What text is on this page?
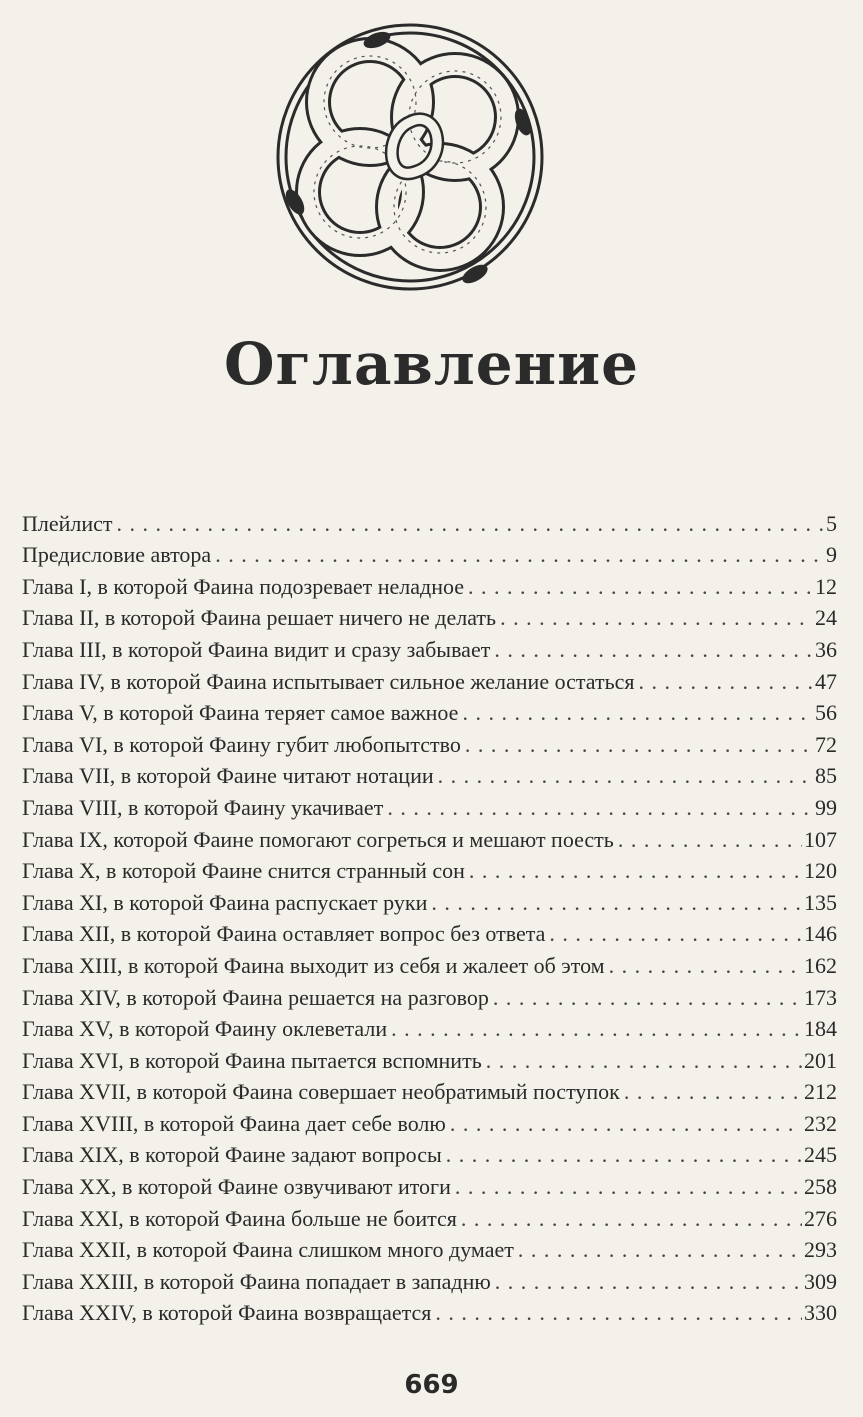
Оглавление
Плейлист . . .	5
Предисловие автора . . .	9
Глава I, в которой Фаина подозревает неладное . . .	12
Глава II, в которой Фаина решает ничего не делать . . .	24
Глава III, в которой Фаина видит и сразу забывает . . .	36
Глава IV, в которой Фаина испытывает сильное желание остаться . . .	47
Глава V, в которой Фаина теряет самое важное . . .	56
Глава VI, в которой Фаину губит любопытство . . .	72
Глава VII, в которой Фаине читают нотации . . .	85
Глава VIII, в которой Фаину укачивает . . .	99
Глава IX, которой Фаине помогают согреться и мешают поесть . . .	107
Глава X, в которой Фаине снится странный сон . . .	120
Глава XI, в которой Фаина распускает руки . . .	135
Глава XII, в которой Фаина оставляет вопрос без ответа . . .	146
Глава XIII, в которой Фаина выходит из себя и жалеет об этом . . .	162
Глава XIV, в которой Фаина решается на разговор . . .	173
Глава XV, в которой Фаину оклеветали . . .	184
Глава XVI, в которой Фаина пытается вспомнить . . .	201
Глава XVII, в которой Фаина совершает необратимый поступок . . .	212
Глава XVIII, в которой Фаина дает себе волю . . .	232
Глава XIX, в которой Фаине задают вопросы . . .	245
Глава XX, в которой Фаине озвучивают итоги . . .	258
Глава XXI, в которой Фаина больше не боится . . .	276
Глава XXII, в которой Фаина слишком много думает . . .	293
Глава XXIII, в которой Фаина попадает в западню . . .	309
Глава XXIV, в которой Фаина возвращается . . .	330
669
